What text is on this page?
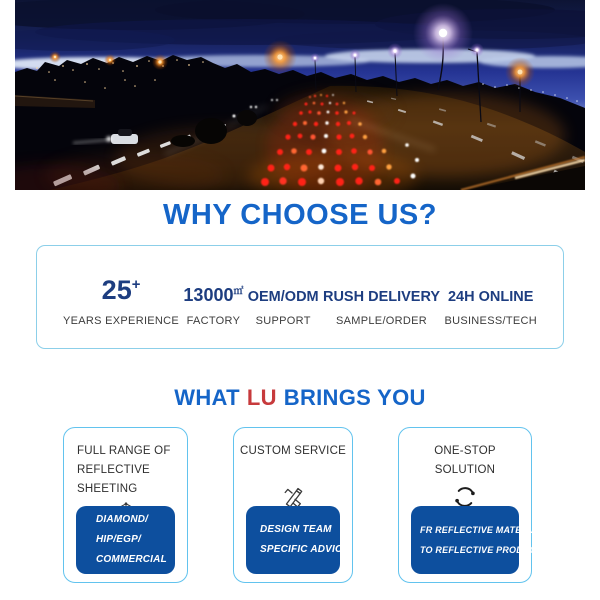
WHY CHOOSE US?
25+
YEARS EXPERIENCE
13000㎡
FACTORY
OEM/ODM
SUPPORT
RUSH DELIVERY
SAMPLE/ORDER
24H ONLINE
BUSINESS/TECH
WHAT LU BRINGS YOU
FULL RANGE OF
REFLECTIVE SHEETING
DIAMOND/
HIP/EGP/
COMMERCIAL
CUSTOM SERVICE
DESIGN TEAM
SPECIFIC ADVICE
ONE-STOP SOLUTION
FR REFLECTIVE MATERIAL
TO REFLECTIVE PRODUCTS
